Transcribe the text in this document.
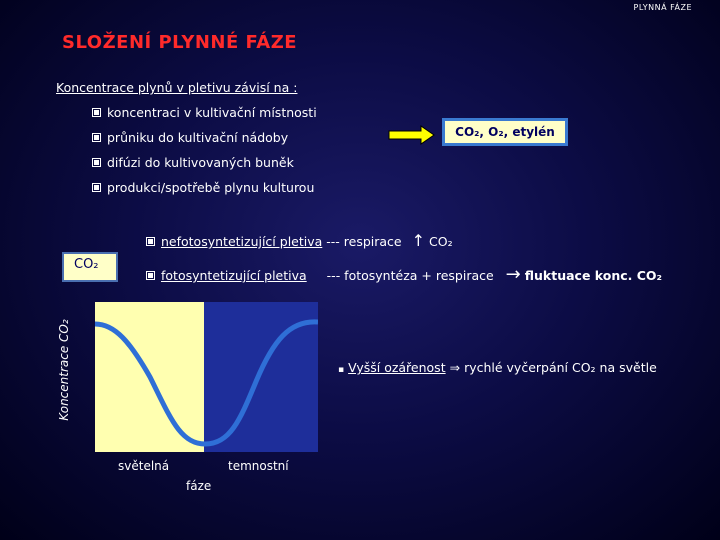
PLYNNÁ FÁZE
SLOŽENÍ PLYNNÉ FÁZE
Koncentrace plynů v pletivu závisí na :
koncentraci v kultivační místnosti
průniku do kultivační nádoby
difúzi do kultivovaných buněk
produkci/spotřebě plynu kulturou
CO₂, O₂, etylén
nefotosyntetizující pletiva --- respirace ↑ CO₂
fotosyntetizující pletiva --- fotosyntéza + respirace → fluktuace konc. CO₂
CO₂
Koncentrace CO₂
světelná	temnostní
fáze
▪ Vyšší ozářenost ⇒ rychlé vyčerpání CO₂ na světle
